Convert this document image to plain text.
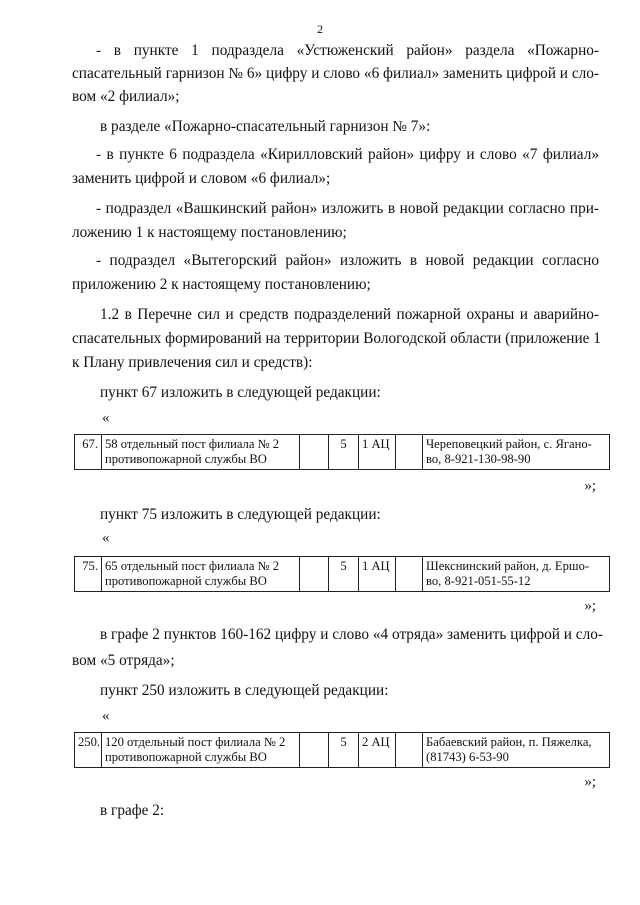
2

- в пункте 1 подраздела «Устюженский район» раздела «Пожарно-

спасательный гарнизон № 6» цифру и слово «6 филиал» заменить цифрой и сло-

вом «2 филиал»;

в разделе «Пожарно-спасательный гарнизон № 7»:

- в пункте 6 подраздела «Кирилловский район» цифру и слово «7 филиал»

заменить цифрой и словом «6 филиал»;

- подраздел «Вашкинский район» изложить в новой редакции согласно при-

ложению 1 к настоящему постановлению;

- подраздел «Вытегорский район» изложить в новой редакции согласно

приложению 2 к настоящему постановлению;

1.2 в Перечне сил и средств подразделений пожарной охраны и аварийно-

спасательных формирований на территории Вологодской области (приложение 1

к Плану привлечения сил и средств):

пункт 67 изложить в следующей редакции:

«
67.	58 отдельный пост филиала № 2
противопожарной службы ВО		5	1 АЦ		Череповецкий район, с. Ягано-
во, 8-921-130-98-90
»;

пункт 75 изложить в следующей редакции:

«
75.	65 отдельный пост филиала № 2
противопожарной службы ВО		5	1 АЦ		Шекснинский район, д. Ершо-
во, 8-921-051-55-12
»;

в графе 2 пунктов 160-162 цифру и слово «4 отряда» заменить цифрой и сло-

вом «5 отряда»;

пункт 250 изложить в следующей редакции:

«
250.	120 отдельный пост филиала № 2
противопожарной службы ВО		5	2 АЦ		Бабаевский район, п. Пяжелка,
(81743) 6-53-90
»;

в графе 2:
